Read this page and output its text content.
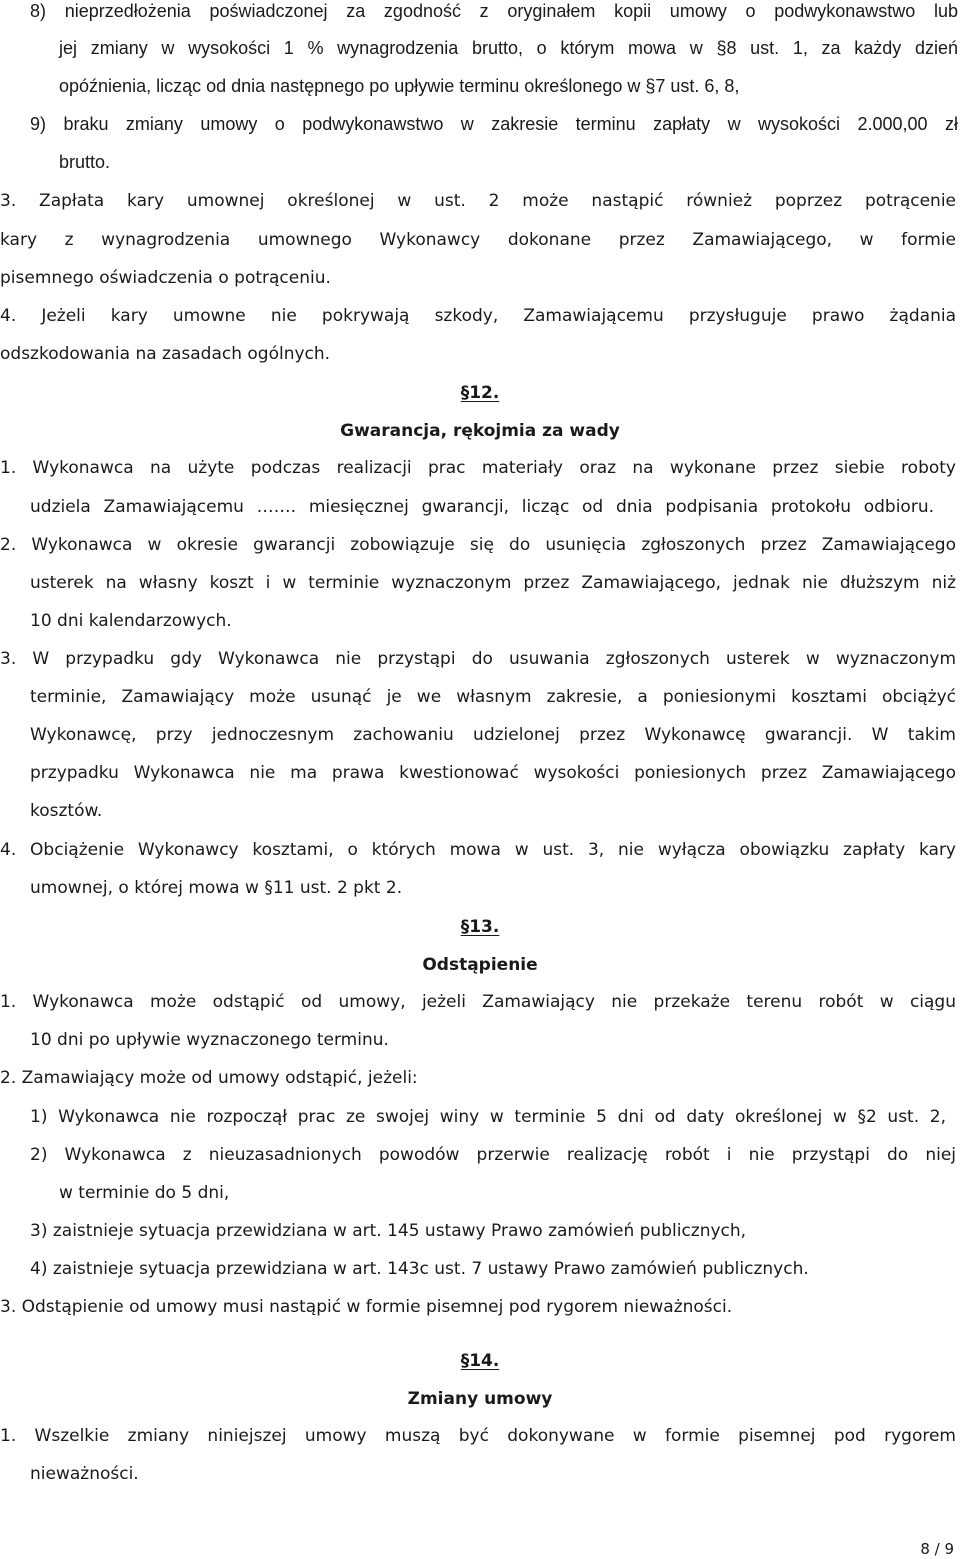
8) nieprzedłożenia poświadczonej za zgodność z oryginałem kopii umowy o podwykonawstwo lub
jej zmiany w wysokości 1 % wynagrodzenia brutto, o którym mowa w §8 ust. 1, za każdy dzień
opóźnienia, licząc od dnia następnego po upływie terminu określonego w §7 ust. 6, 8,
9) braku zmiany umowy o podwykonawstwo w zakresie terminu zapłaty w wysokości 2.000,00 zł
brutto.
3. Zapłata kary umownej określonej w ust. 2 może nastąpić również poprzez potrącenie
kary z wynagrodzenia umownego Wykonawcy dokonane przez Zamawiającego, w formie
pisemnego oświadczenia o potrąceniu.
4. Jeżeli kary umowne nie pokrywają szkody, Zamawiającemu przysługuje prawo żądania
odszkodowania na zasadach ogólnych.
§12.
Gwarancja, rękojmia za wady
1. Wykonawca na użyte podczas realizacji prac materiały oraz na wykonane przez siebie roboty
udziela Zamawiającemu ……. miesięcznej gwarancji, licząc od dnia podpisania protokołu odbioru.
2. Wykonawca w okresie gwarancji zobowiązuje się do usunięcia zgłoszonych przez Zamawiającego
usterek na własny koszt i w terminie wyznaczonym przez Zamawiającego, jednak nie dłuższym niż
10 dni kalendarzowych.
3. W przypadku gdy Wykonawca nie przystąpi do usuwania zgłoszonych usterek w wyznaczonym
terminie, Zamawiający może usunąć je we własnym zakresie, a poniesionymi kosztami obciążyć
Wykonawcę, przy jednoczesnym zachowaniu udzielonej przez Wykonawcę gwarancji. W takim
przypadku Wykonawca nie ma prawa kwestionować wysokości poniesionych przez Zamawiającego
kosztów.
4. Obciążenie Wykonawcy kosztami, o których mowa w ust. 3, nie wyłącza obowiązku zapłaty kary
umownej, o której mowa w §11 ust. 2 pkt 2.
§13.
Odstąpienie
1. Wykonawca może odstąpić od umowy, jeżeli Zamawiający nie przekaże terenu robót w ciągu
10 dni po upływie wyznaczonego terminu.
2. Zamawiający może od umowy odstąpić, jeżeli:
1) Wykonawca nie rozpoczął prac ze swojej winy w terminie 5 dni od daty określonej w §2 ust. 2,
2) Wykonawca z nieuzasadnionych powodów przerwie realizację robót i nie przystąpi do niej
w terminie do 5 dni,
3) zaistnieje sytuacja przewidziana w art. 145 ustawy Prawo zamówień publicznych,
4) zaistnieje sytuacja przewidziana w art. 143c ust. 7 ustawy Prawo zamówień publicznych.
3. Odstąpienie od umowy musi nastąpić w formie pisemnej pod rygorem nieważności.
§14.
Zmiany umowy
1. Wszelkie zmiany niniejszej umowy muszą być dokonywane w formie pisemnej pod rygorem
nieważności.
8 / 9
